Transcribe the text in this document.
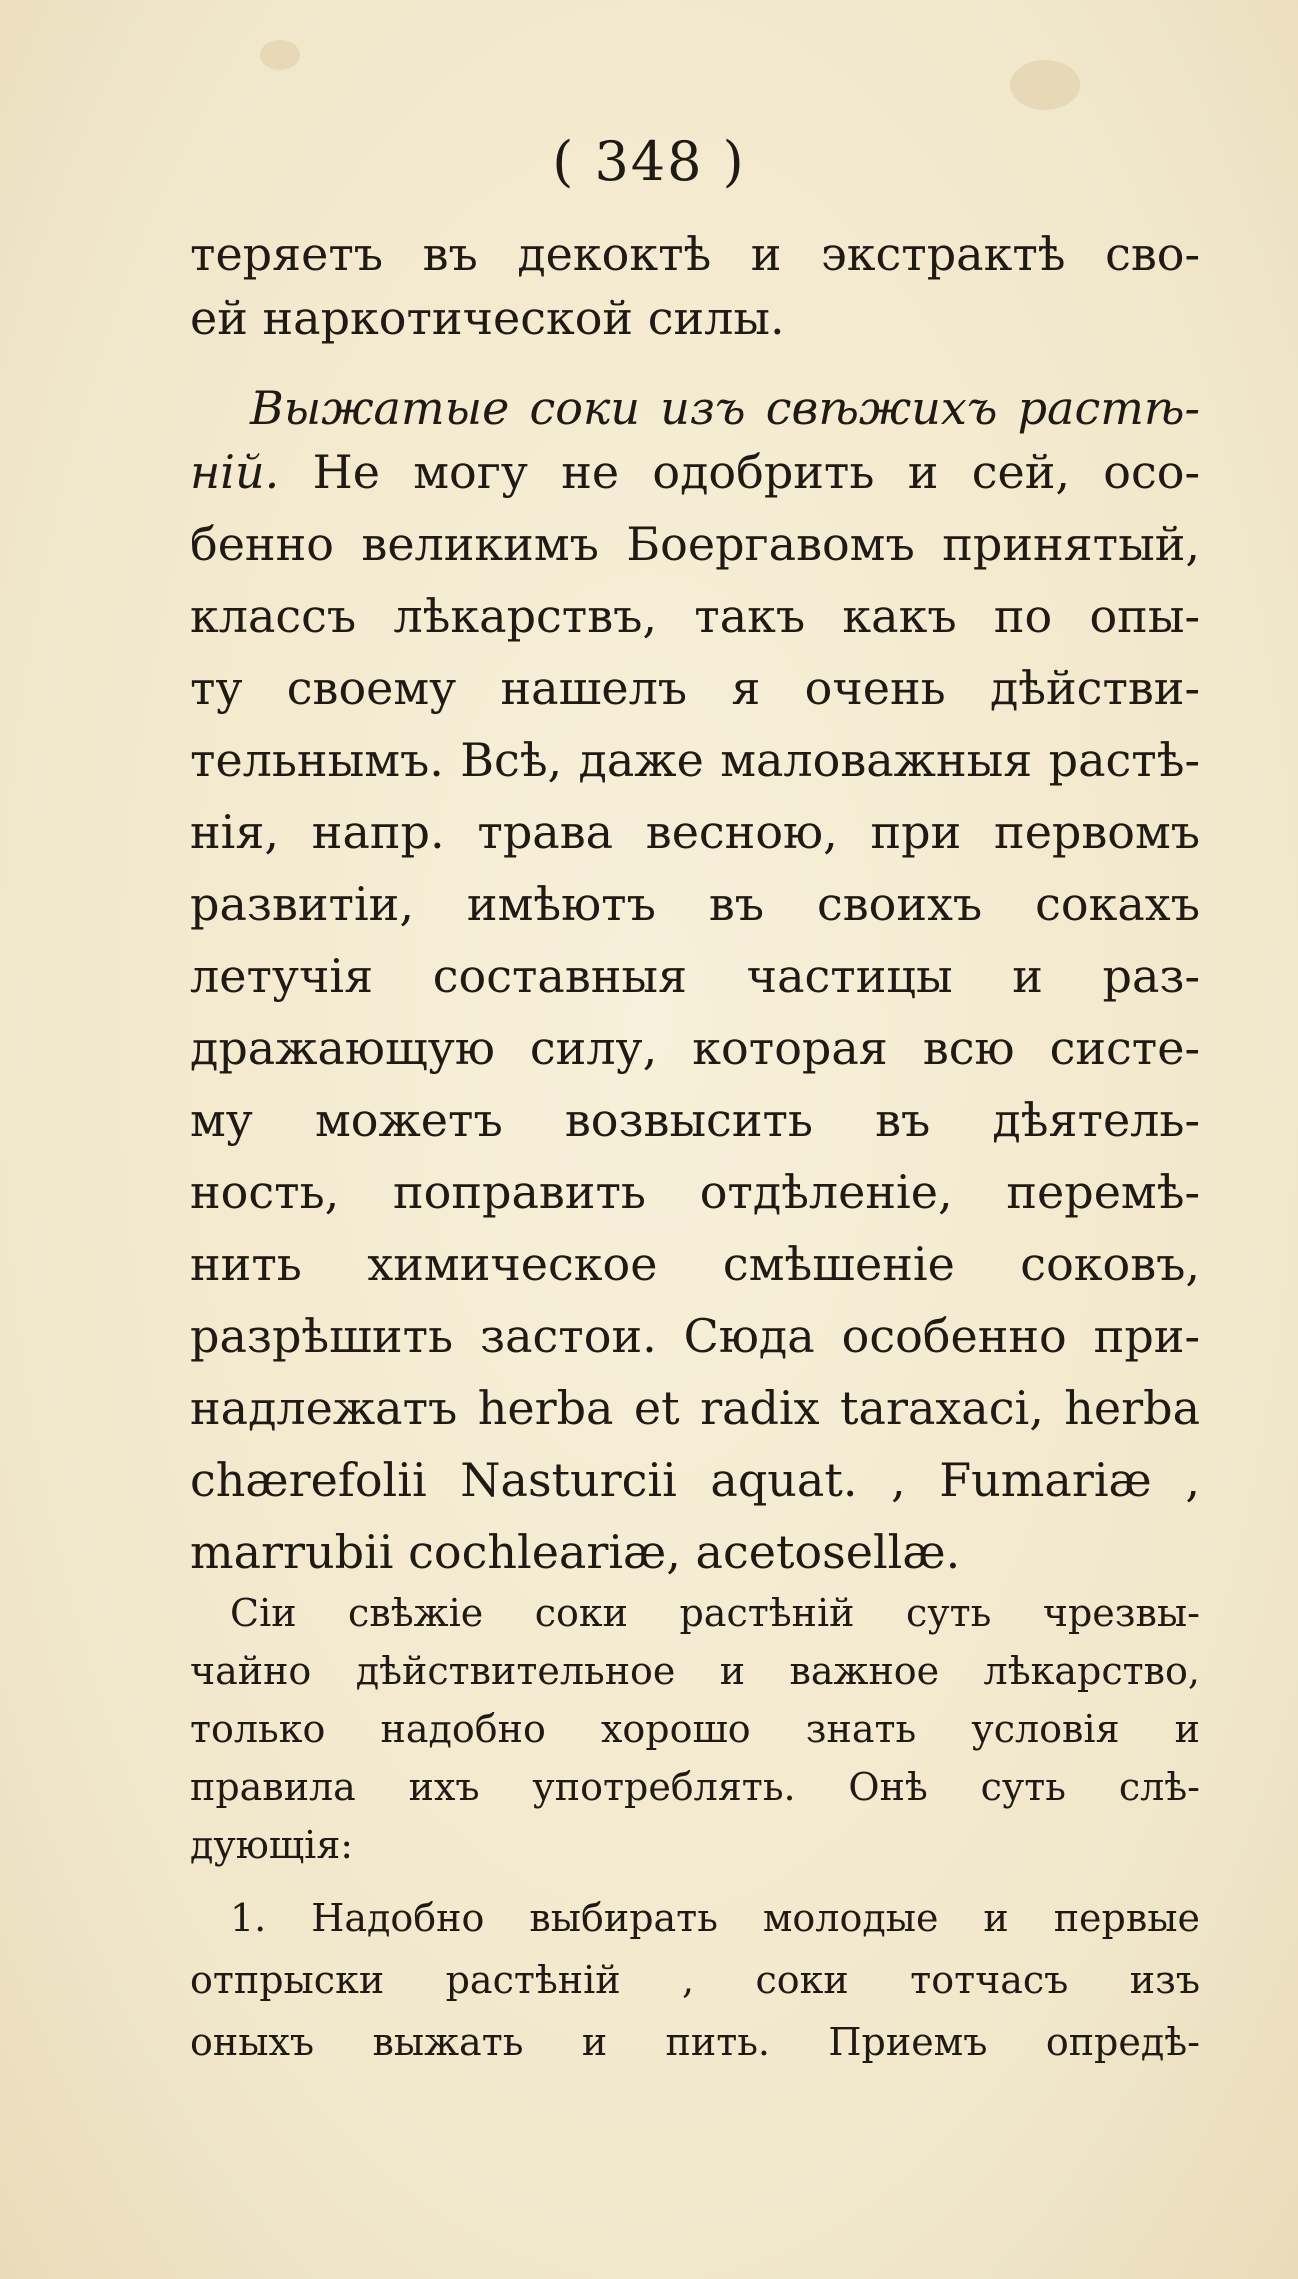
( 348 )
теряетъ въ декоктѣ и экстрактѣ сво-
ей наркотической силы.
Выжатые соки изъ свѣжихъ растѣ-
нiй. Не могу не одобрить и сей, осо-
бенно великимъ Боергавомъ принятый,
классъ лѣкарствъ, такъ какъ по опы-
ту своему нашелъ я очень дѣйстви-
тельнымъ. Всѣ, даже маловажныя растѣ-
нiя, напр. трава весною, при первомъ
развитiи, имѣютъ въ своихъ сокахъ
летучiя составныя частицы и раз-
дражающую силу, которая всю систе-
му можетъ возвысить въ дѣятель-
ность, поправить отдѣленiе, перемѣ-
нить химическое смѣшенiе соковъ,
разрѣшить застои. Сюда особенно при-
надлежатъ herba et radix taraxaci, herba
chærefolii Nasturcii aquat. , Fumariæ ,
marrubii cochleariæ, acetosellæ.
Сiи свѣжiе соки растѣнiй суть чрезвы-
чайно дѣйствительное и важное лѣкарство,
только надобно хорошо знать условiя и
правила ихъ употреблять. Онѣ суть слѣ-
дующiя:
1. Надобно выбирать молодые и первые
отпрыски растѣнiй , соки тотчасъ изъ
оныхъ выжать и пить. Приемъ опредѣ-
